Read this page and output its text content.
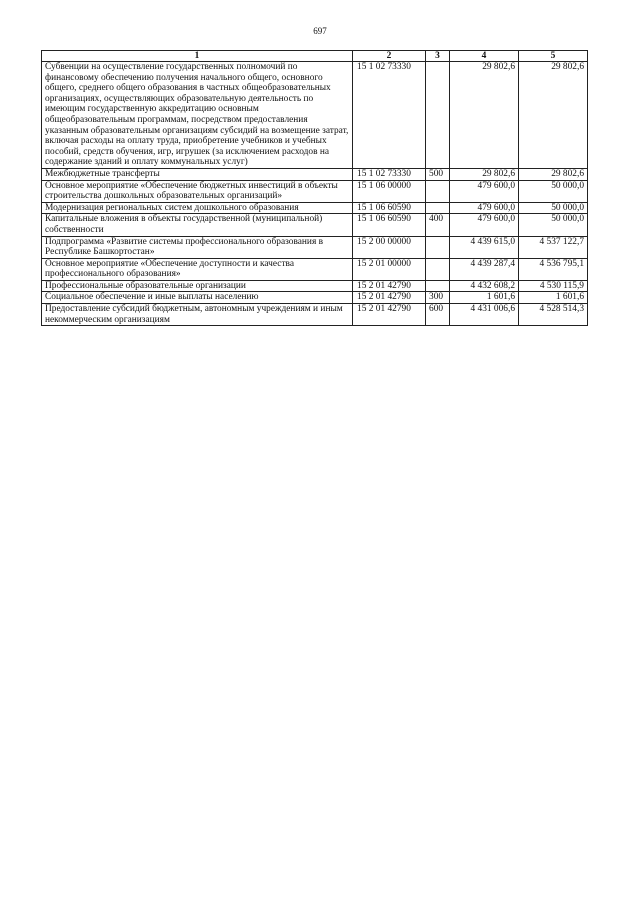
697
1	2	3	4	5
Субвенции на осуществление государственных полномочий по финансовому обеспечению получения начального общего, основного общего, среднего общего образования в частных общеобразовательных организациях, осуществляющих образовательную деятельность по имеющим государственную аккредитацию основным общеобразовательным программам, посредством предоставления указанным образовательным организациям субсидий на возмещение затрат, включая расходы на оплату труда, приобретение учебников и учебных пособий, средств обучения, игр, игрушек (за исключением расходов на содержание зданий и оплату коммунальных услуг)	15 1 02 73330		29 802,6	29 802,6
Межбюджетные трансферты	15 1 02 73330	500	29 802,6	29 802,6
Основное мероприятие «Обеспечение бюджетных инвестиций в объекты строительства дошкольных образовательных организаций»	15 1 06 00000		479 600,0	50 000,0
Модернизация региональных систем дошкольного образования	15 1 06 60590		479 600,0	50 000,0
Капитальные вложения в объекты государственной (муниципальной) собственности	15 1 06 60590	400	479 600,0	50 000,0
Подпрограмма «Развитие системы профессионального образования в Республике Башкортостан»	15 2 00 00000		4 439 615,0	4 537 122,7
Основное мероприятие «Обеспечение доступности и качества профессионального образования»	15 2 01 00000		4 439 287,4	4 536 795,1
Профессиональные образовательные организации	15 2 01 42790		4 432 608,2	4 530 115,9
Социальное обеспечение и иные выплаты населению	15 2 01 42790	300	1 601,6	1 601,6
Предоставление субсидий бюджетным, автономным учреждениям и иным некоммерческим организациям	15 2 01 42790	600	4 431 006,6	4 528 514,3
